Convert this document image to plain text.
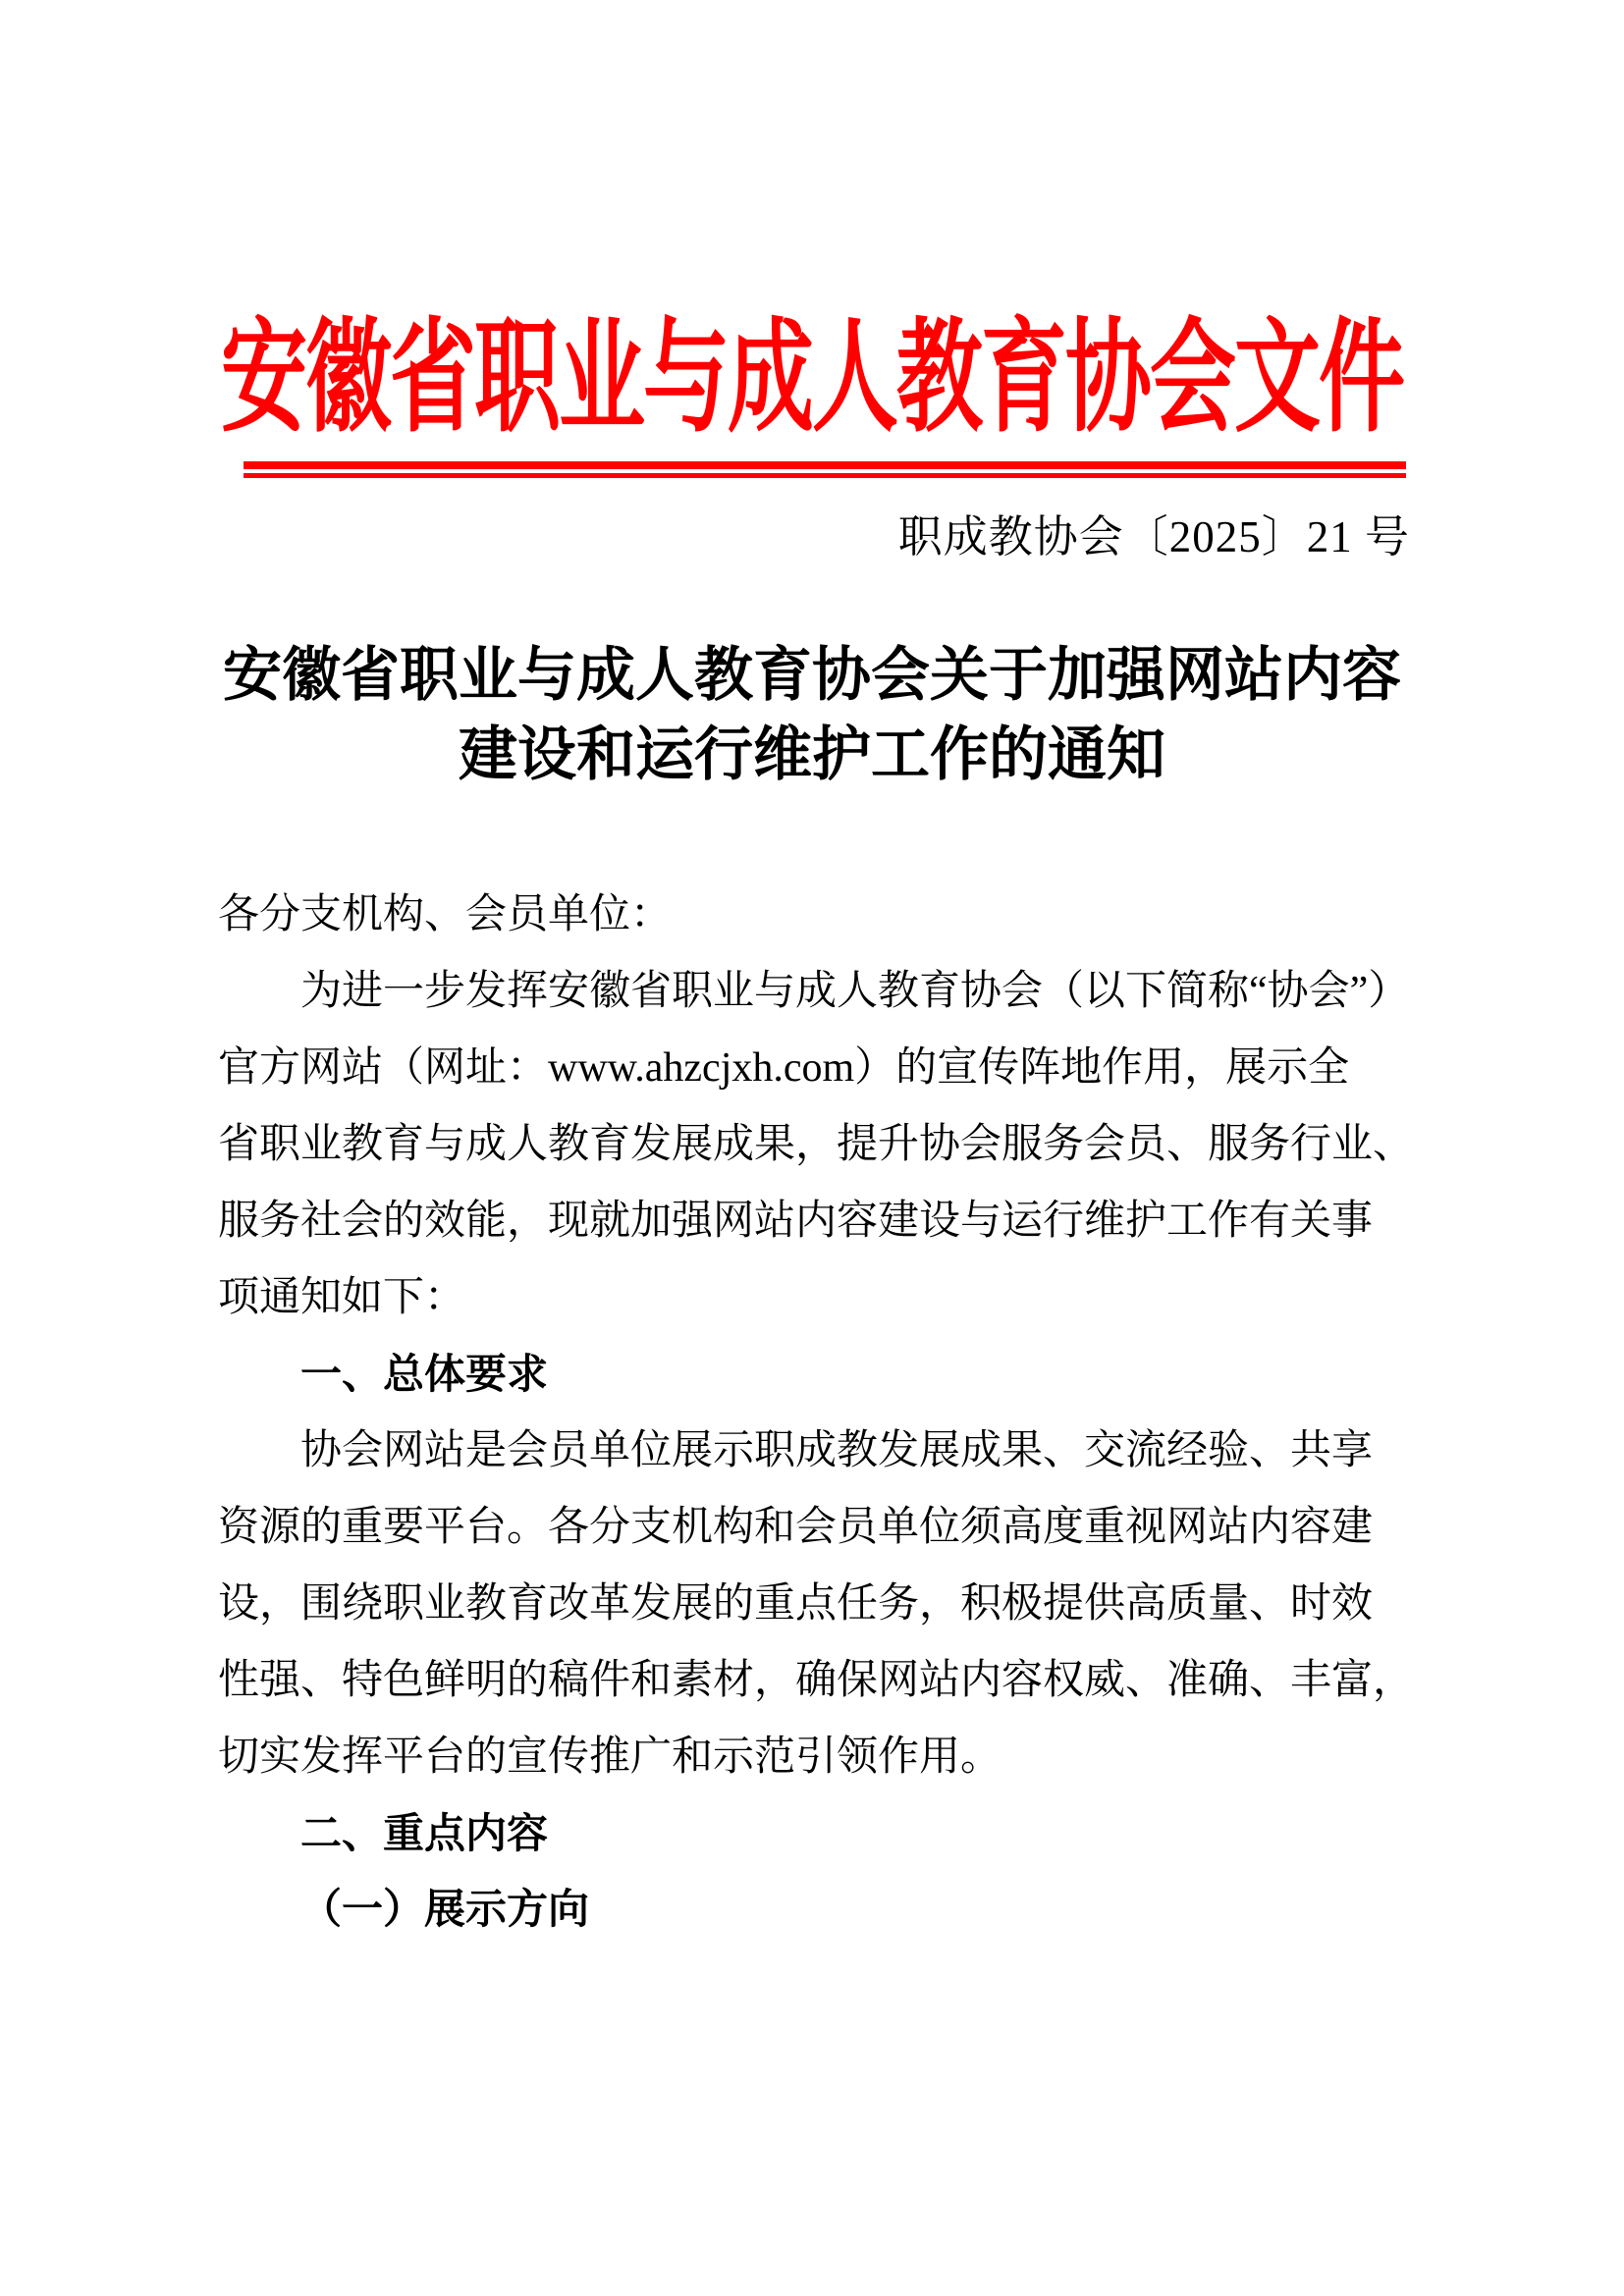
安徽省职业与成人教育协会文件
职成教协会〔2025〕21 号
安徽省职业与成人教育协会关于加强网站内容
建设和运行维护工作的通知
各分支机构、会员单位：
为进一步发挥安徽省职业与成人教育协会（以下简称“协会”）
官方网站（网址：www.ahzcjxh.com）的宣传阵地作用，展示全
省职业教育与成人教育发展成果，提升协会服务会员、服务行业、
服务社会的效能，现就加强网站内容建设与运行维护工作有关事
项通知如下：
一、总体要求
协会网站是会员单位展示职成教发展成果、交流经验、共享
资源的重要平台。各分支机构和会员单位须高度重视网站内容建
设，围绕职业教育改革发展的重点任务，积极提供高质量、时效
性强、特色鲜明的稿件和素材，确保网站内容权威、准确、丰富，
切实发挥平台的宣传推广和示范引领作用。
二、重点内容
（一）展示方向
